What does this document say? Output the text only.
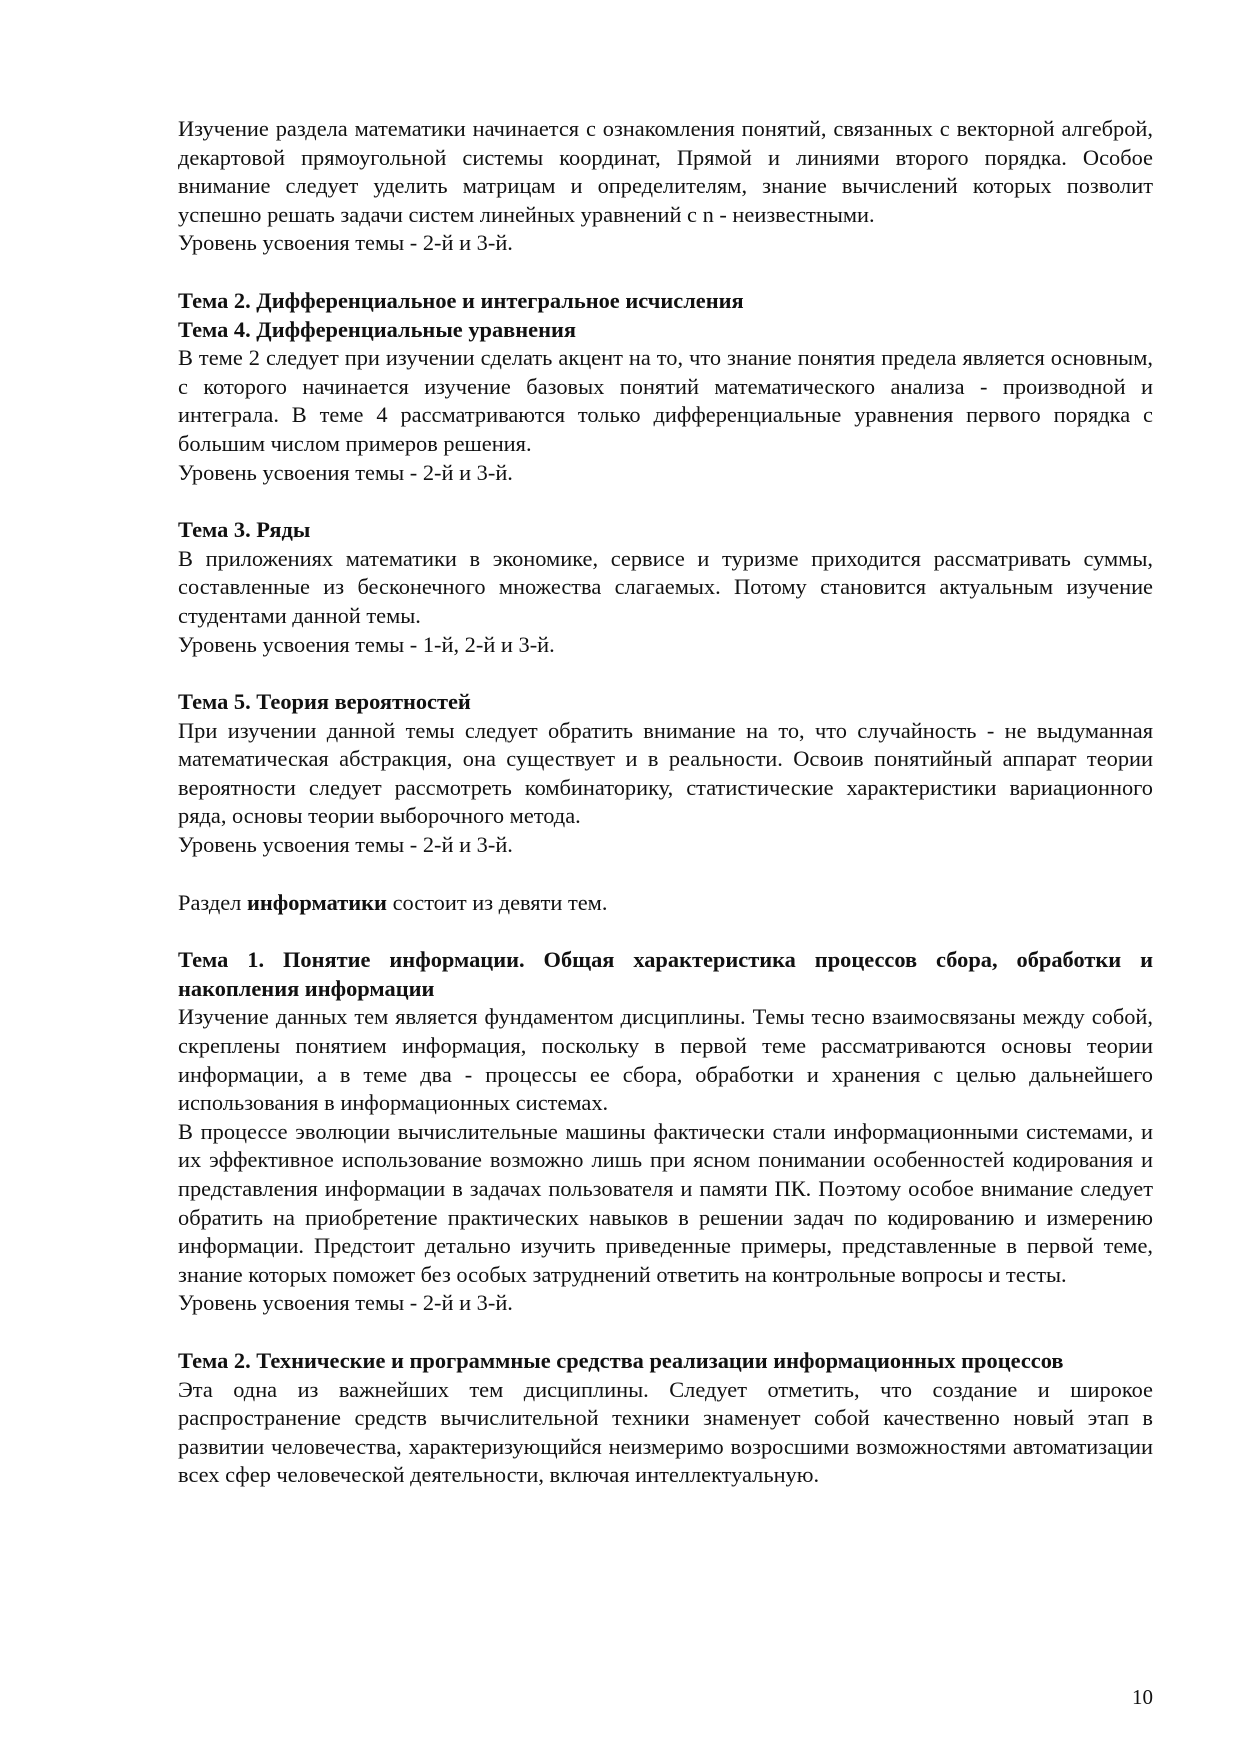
Изучение раздела математики начинается с ознакомления понятий, связанных с векторной алгеброй, декартовой прямоугольной системы координат, Прямой и линиями второго порядка. Особое внимание следует уделить матрицам и определителям, знание вычислений которых позволит успешно решать задачи систем линейных уравнений с n - неизвестными.

Уровень усвоения темы - 2-й и 3-й.

Тема 2. Дифференциальное и интегральное исчисления

Тема 4. Дифференциальные уравнения

В теме 2 следует при изучении сделать акцент на то, что знание понятия предела является основным, с которого начинается изучение базовых понятий математического анализа - производной и интеграла. В теме 4 рассматриваются только дифференциальные уравнения первого порядка с большим числом примеров решения.

Уровень усвоения темы - 2-й и 3-й.

Тема 3. Ряды

В приложениях математики в экономике, сервисе и туризме приходится рассматривать суммы, составленные из бесконечного множества слагаемых. Потому становится актуальным изучение студентами данной темы.

Уровень усвоения темы - 1-й, 2-й и 3-й.

Тема 5. Теория вероятностей

При изучении данной темы следует обратить внимание на то, что случайность - не выдуманная математическая абстракция, она существует и в реальности. Освоив понятийный аппарат теории вероятности следует рассмотреть комбинаторику, статистические характеристики вариационного ряда, основы теории выборочного метода.

Уровень усвоения темы - 2-й и 3-й.

Раздел информатики состоит из девяти тем.

Тема 1. Понятие информации. Общая характеристика процессов сбора, обработки и накопления информации

Изучение данных тем является фундаментом дисциплины. Темы тесно взаимосвязаны между собой, скреплены понятием информация, поскольку в первой теме рассматриваются основы теории информации, а в теме два - процессы ее сбора, обработки и хранения с целью дальнейшего использования в информационных системах.

В процессе эволюции вычислительные машины фактически стали информационными системами, и их эффективное использование возможно лишь при ясном понимании особенностей кодирования и представления информации в задачах пользователя и памяти ПК. Поэтому особое внимание следует обратить на приобретение практических навыков в решении задач по кодированию и измерению информации. Предстоит детально изучить приведенные примеры, представленные в первой теме, знание которых поможет без особых затруднений ответить на контрольные вопросы и тесты.

Уровень усвоения темы - 2-й и 3-й.

Тема 2. Технические и программные средства реализации информационных процессов

Эта одна из важнейших тем дисциплины. Следует отметить, что создание и широкое распространение средств вычислительной техники знаменует собой качественно новый этап в развитии человечества, характеризующийся неизмеримо возросшими возможностями автоматизации всех сфер человеческой деятельности, включая интеллектуальную.

10
